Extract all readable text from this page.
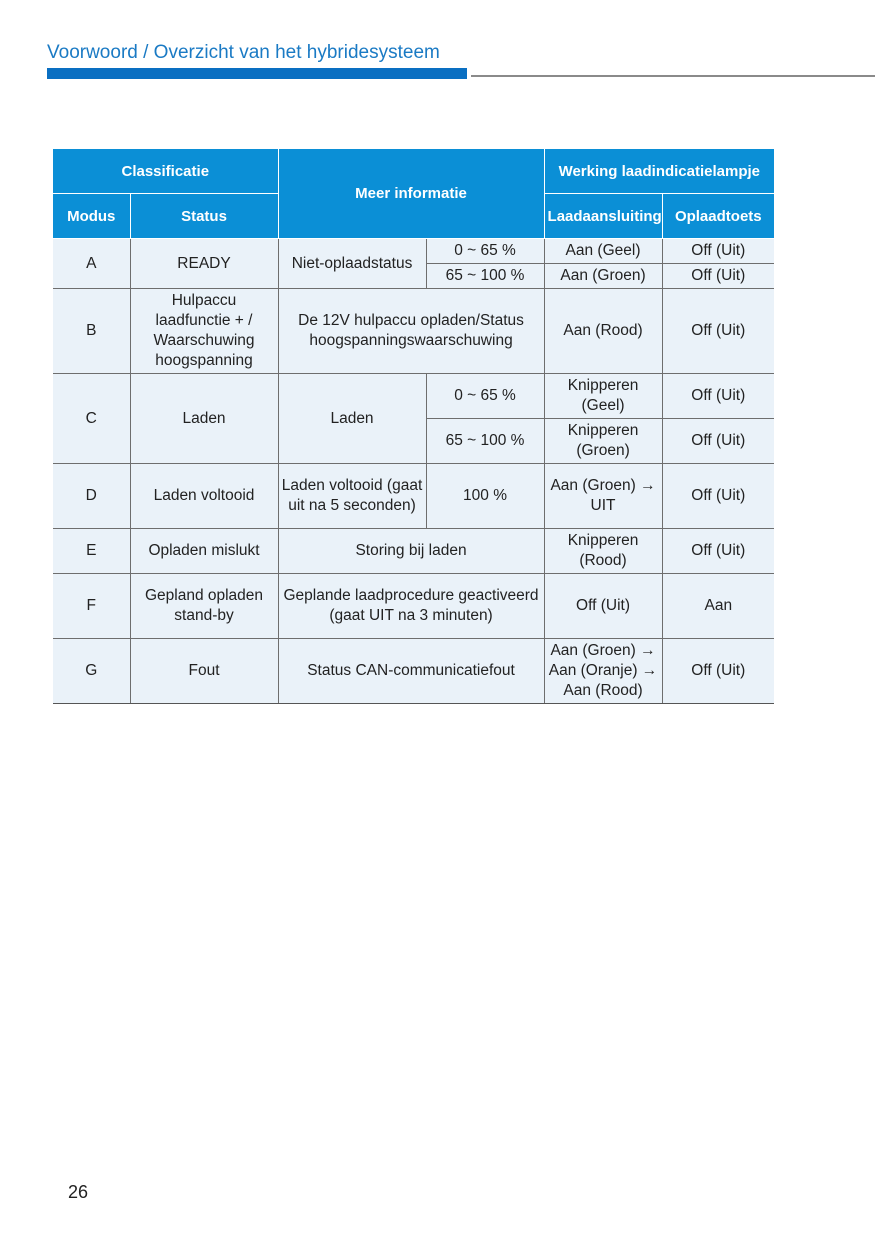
Voorwoord / Overzicht van het hybridesysteem
Classificatie		Meer informatie		Werking laadindicatielampje	
Modus	Status			Laadaansluiting	Oplaadtoets
A	READY	Niet-oplaadstatus	0 ~ 65 %	Aan (Geel)	Off (Uit)
			65 ~ 100 %	Aan (Groen)	Off (Uit)
B	Hulpaccu laadfunctie + / Waarschuwing hoogspanning	De 12V hulpaccu opladen/Status hoogspanningswaarschuwing		Aan (Rood)	Off (Uit)
C	Laden	Laden	0 ~ 65 %	Knipperen (Geel)	Off (Uit)
			65 ~ 100 %	Knipperen (Groen)	Off (Uit)
D	Laden voltooid	Laden voltooid (gaat uit na 5 seconden)	100 %	Aan (Groen) → UIT	Off (Uit)
E	Opladen mislukt	Storing bij laden		Knipperen (Rood)	Off (Uit)
F	Gepland opladen stand-by	Geplande laadprocedure geactiveerd (gaat UIT na 3 minuten)		Off (Uit)	Aan
G	Fout	Status CAN-communicatiefout		Aan (Groen) → Aan (Oranje) → Aan (Rood)	Off (Uit)
26
